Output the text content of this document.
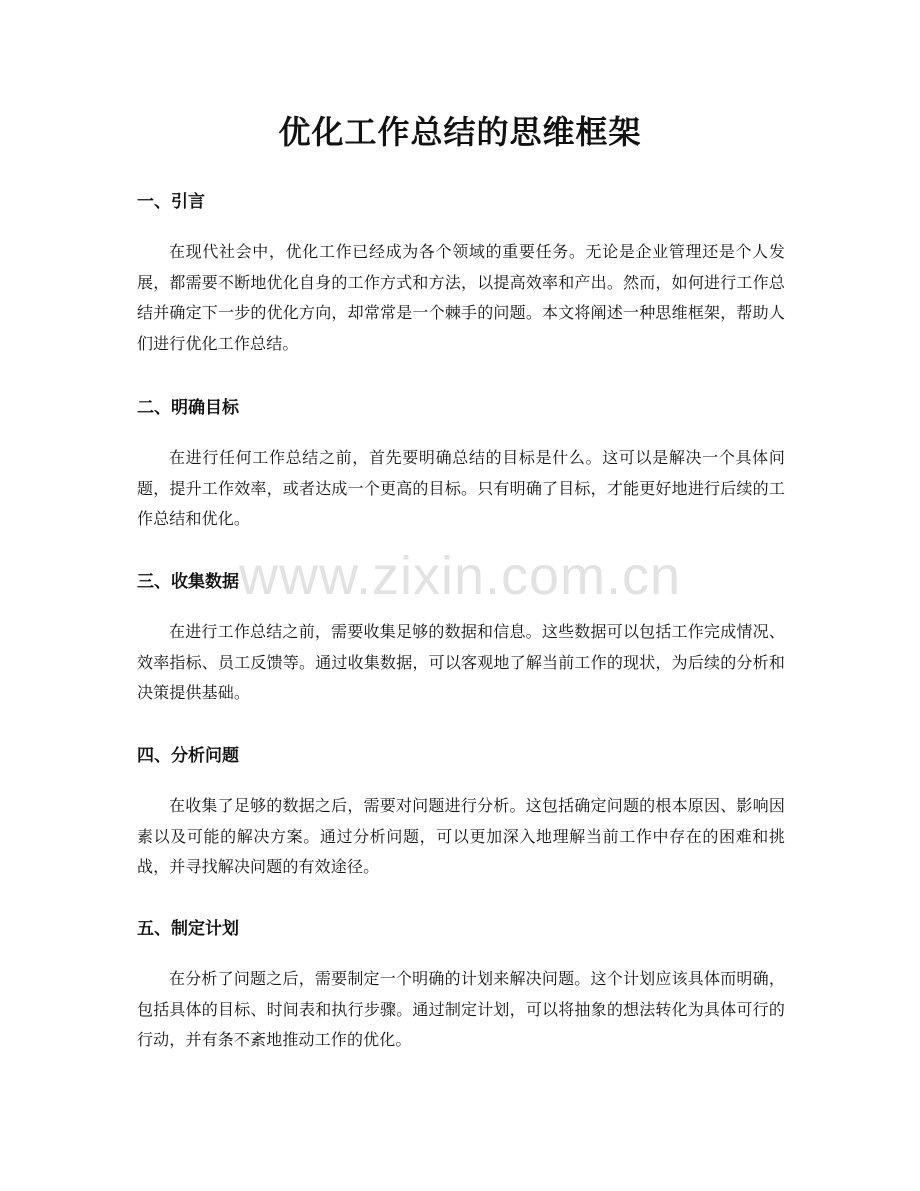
优化工作总结的思维框架
一、引言

在现代社会中，优化工作已经成为各个领域的重要任务。无论是企业管理还是个人发展，都需要不断地优化自身的工作方式和方法，以提高效率和产出。然而，如何进行工作总结并确定下一步的优化方向，却常常是一个棘手的问题。本文将阐述一种思维框架，帮助人们进行优化工作总结。

二、明确目标

在进行任何工作总结之前，首先要明确总结的目标是什么。这可以是解决一个具体问题，提升工作效率，或者达成一个更高的目标。只有明确了目标，才能更好地进行后续的工作总结和优化。

三、收集数据

在进行工作总结之前，需要收集足够的数据和信息。这些数据可以包括工作完成情况、效率指标、员工反馈等。通过收集数据，可以客观地了解当前工作的现状，为后续的分析和决策提供基础。

四、分析问题

在收集了足够的数据之后，需要对问题进行分析。这包括确定问题的根本原因、影响因素以及可能的解决方案。通过分析问题，可以更加深入地理解当前工作中存在的困难和挑战，并寻找解决问题的有效途径。

五、制定计划

在分析了问题之后，需要制定一个明确的计划来解决问题。这个计划应该具体而明确，包括具体的目标、时间表和执行步骤。通过制定计划，可以将抽象的想法转化为具体可行的行动，并有条不紊地推动工作的优化。

www.zixin.com.cn
